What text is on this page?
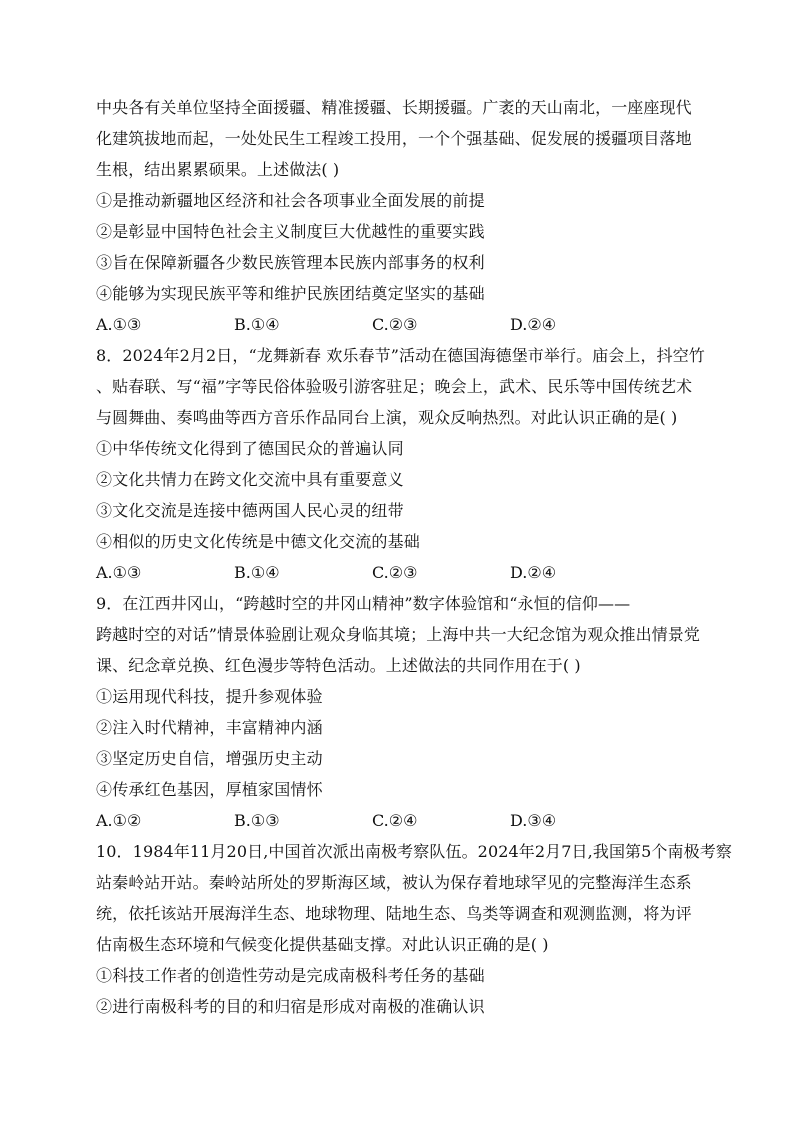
中央各有关单位坚持全面援疆、精准援疆、长期援疆。广袤的天山南北，一座座现代
化建筑拔地而起，一处处民生工程竣工投用，一个个强基础、促发展的援疆项目落地
生根，结出累累硕果。上述做法( )
①是推动新疆地区经济和社会各项事业全面发展的前提
②是彰显中国特色社会主义制度巨大优越性的重要实践
③旨在保障新疆各少数民族管理本民族内部事务的权利
④能够为实现民族平等和维护民族团结奠定坚实的基础
A.①③	B.①④	C.②③	D.②④
8．2024年2月2日，“龙舞新春 欢乐春节”活动在德国海德堡市举行。庙会上，抖空竹
、贴春联、写“福”字等民俗体验吸引游客驻足；晚会上，武术、民乐等中国传统艺术
与圆舞曲、奏鸣曲等西方音乐作品同台上演，观众反响热烈。对此认识正确的是( )
①中华传统文化得到了德国民众的普遍认同
②文化共情力在跨文化交流中具有重要意义
③文化交流是连接中德两国人民心灵的纽带
④相似的历史文化传统是中德文化交流的基础
A.①③	B.①④	C.②③	D.②④
9．在江西井冈山，“跨越时空的井冈山精神”数字体验馆和“永恒的信仰——
跨越时空的对话”情景体验剧让观众身临其境；上海中共一大纪念馆为观众推出情景党
课、纪念章兑换、红色漫步等特色活动。上述做法的共同作用在于( )
①运用现代科技，提升参观体验
②注入时代精神，丰富精神内涵
③坚定历史自信，增强历史主动
④传承红色基因，厚植家国情怀
A.①②	B.①③	C.②④	D.③④
10．1984年11月20日,中国首次派出南极考察队伍。2024年2月7日,我国第5个南极考察
站秦岭站开站。秦岭站所处的罗斯海区域，被认为保存着地球罕见的完整海洋生态系
统，依托该站开展海洋生态、地球物理、陆地生态、鸟类等调查和观测监测，将为评
估南极生态环境和气候变化提供基础支撑。对此认识正确的是( )
①科技工作者的创造性劳动是完成南极科考任务的基础
②进行南极科考的目的和归宿是形成对南极的准确认识
